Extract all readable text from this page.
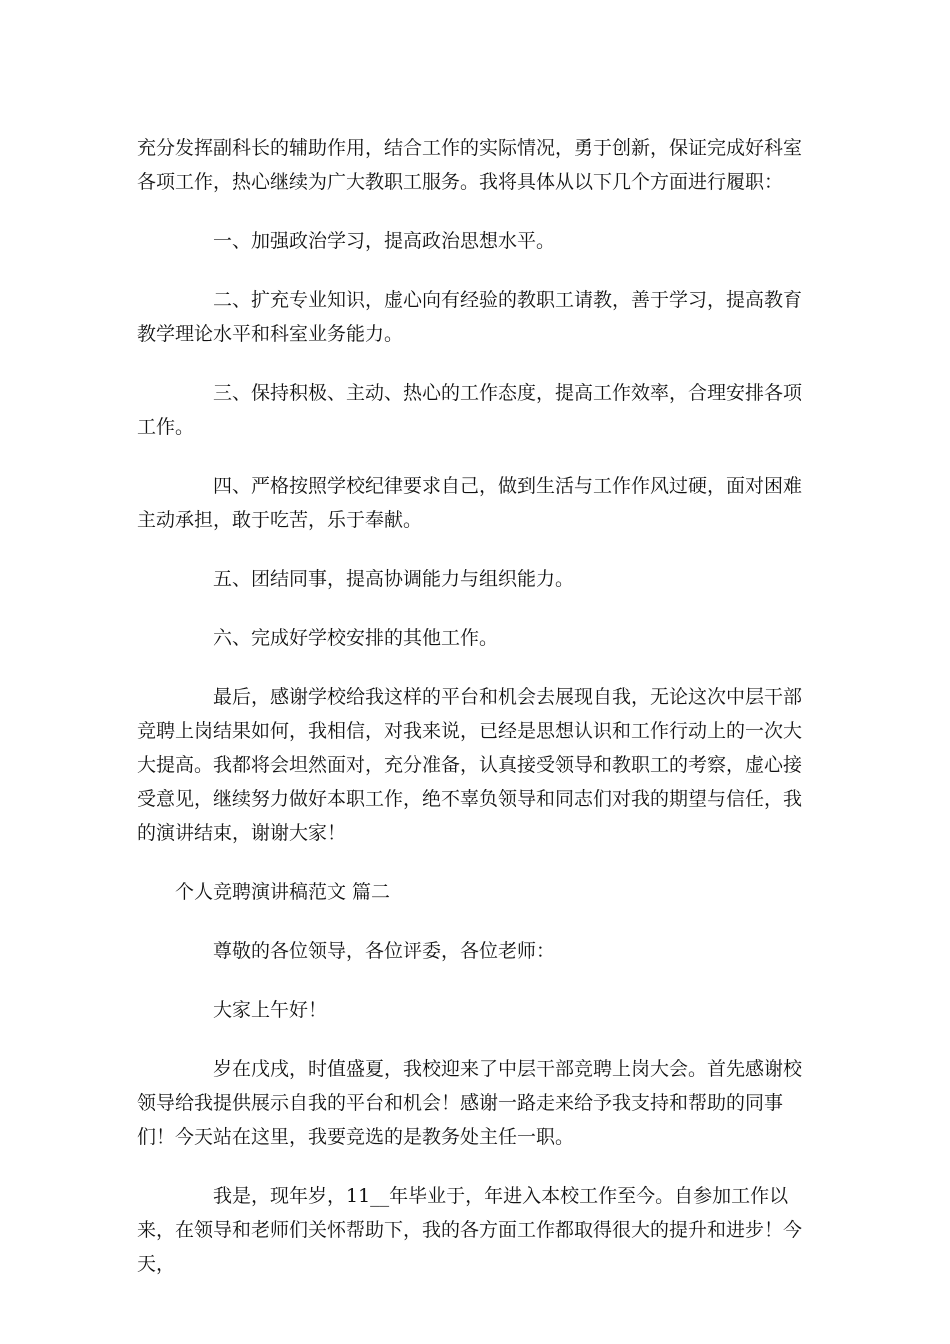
充分发挥副科长的辅助作用，结合工作的实际情况，勇于创新，保证完成好科室各项工作，热心继续为广大教职工服务。我将具体从以下几个方面进行履职：

一、加强政治学习，提高政治思想水平。

二、扩充专业知识，虚心向有经验的教职工请教，善于学习，提高教育教学理论水平和科室业务能力。

三、保持积极、主动、热心的工作态度，提高工作效率，合理安排各项工作。

四、严格按照学校纪律要求自己，做到生活与工作作风过硬，面对困难主动承担，敢于吃苦，乐于奉献。

五、团结同事，提高协调能力与组织能力。

六、完成好学校安排的其他工作。

最后，感谢学校给我这样的平台和机会去展现自我，无论这次中层干部竞聘上岗结果如何，我相信，对我来说，已经是思想认识和工作行动上的一次大大提高。我都将会坦然面对，充分准备，认真接受领导和教职工的考察，虚心接受意见，继续努力做好本职工作，绝不辜负领导和同志们对我的期望与信任，我的演讲结束，谢谢大家！

个人竞聘演讲稿范文 篇二

尊敬的各位领导，各位评委，各位老师：

大家上午好！

岁在戊戌，时值盛夏，我校迎来了中层干部竞聘上岗大会。首先感谢校领导给我提供展示自我的平台和机会！感谢一路走来给予我支持和帮助的同事们！今天站在这里，我要竞选的是教务处主任一职。

我是，现年岁，11__年毕业于，年进入本校工作至今。自参加工作以来，在领导和老师们关怀帮助下，我的各方面工作都取得很大的提升和进步！今天，
